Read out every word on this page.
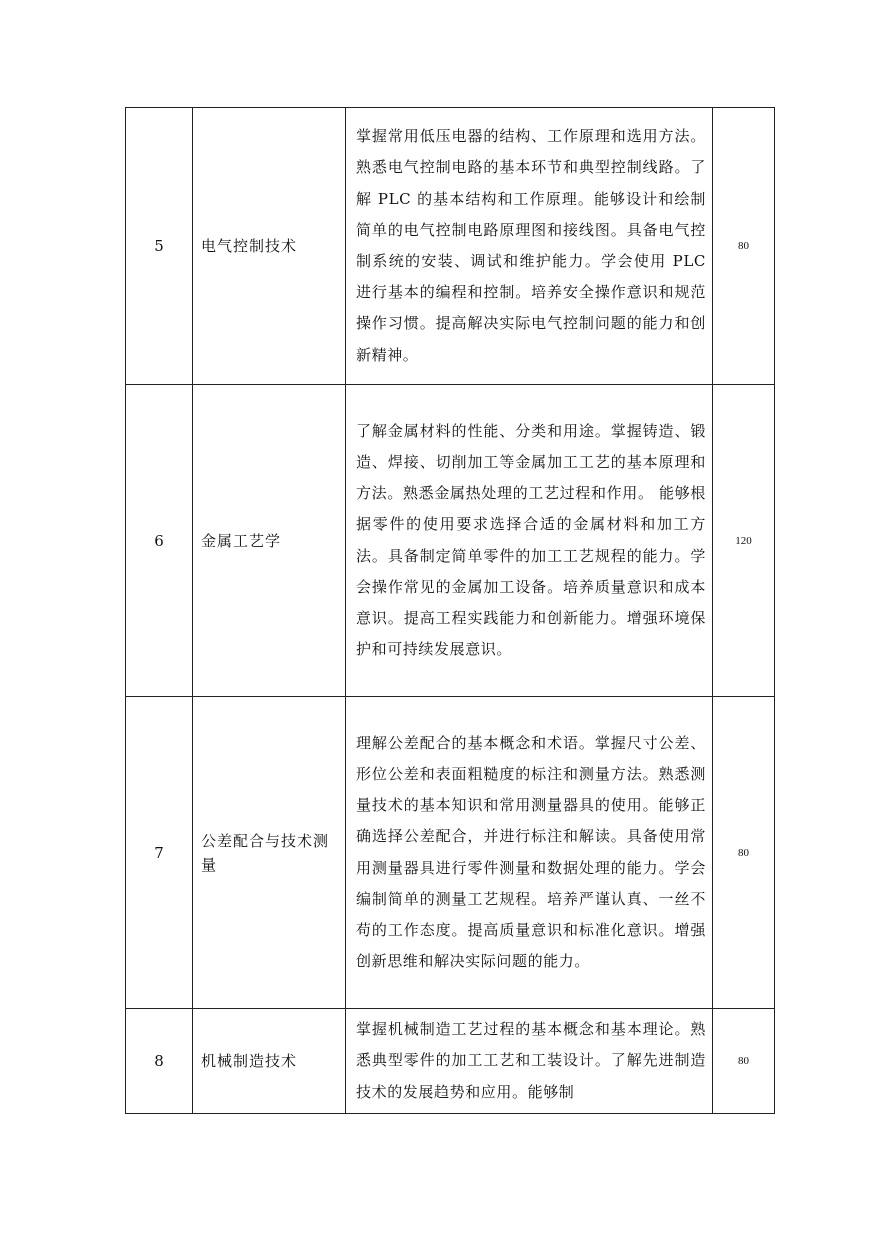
5	电气控制技术	掌握常用低压电器的结构、工作原理和选用方法。熟悉电气控制电路的基本环节和典型控制线路。了解 PLC 的基本结构和工作原理。能够设计和绘制简单的电气控制电路原理图和接线图。具备电气控制系统的安装、调试和维护能力。学会使用 PLC 进行基本的编程和控制。培养安全操作意识和规范操作习惯。提高解决实际电气控制问题的能力和创新精神。	80
6	金属工艺学	了解金属材料的性能、分类和用途。掌握铸造、锻造、焊接、切削加工等金属加工工艺的基本原理和方法。熟悉金属热处理的工艺过程和作用。 能够根据零件的使用要求选择合适的金属材料和加工方法。具备制定简单零件的加工工艺规程的能力。学会操作常见的金属加工设备。培养质量意识和成本意识。提高工程实践能力和创新能力。增强环境保护和可持续发展意识。	120
7	公差配合与技术测量	理解公差配合的基本概念和术语。掌握尺寸公差、形位公差和表面粗糙度的标注和测量方法。熟悉测量技术的基本知识和常用测量器具的使用。能够正确选择公差配合，并进行标注和解读。具备使用常用测量器具进行零件测量和数据处理的能力。学会编制简单的测量工艺规程。培养严谨认真、一丝不苟的工作态度。提高质量意识和标准化意识。增强创新思维和解决实际问题的能力。	80
8	机械制造技术	掌握机械制造工艺过程的基本概念和基本理论。熟悉典型零件的加工工艺和工装设计。了解先进制造技术的发展趋势和应用。能够制	80
